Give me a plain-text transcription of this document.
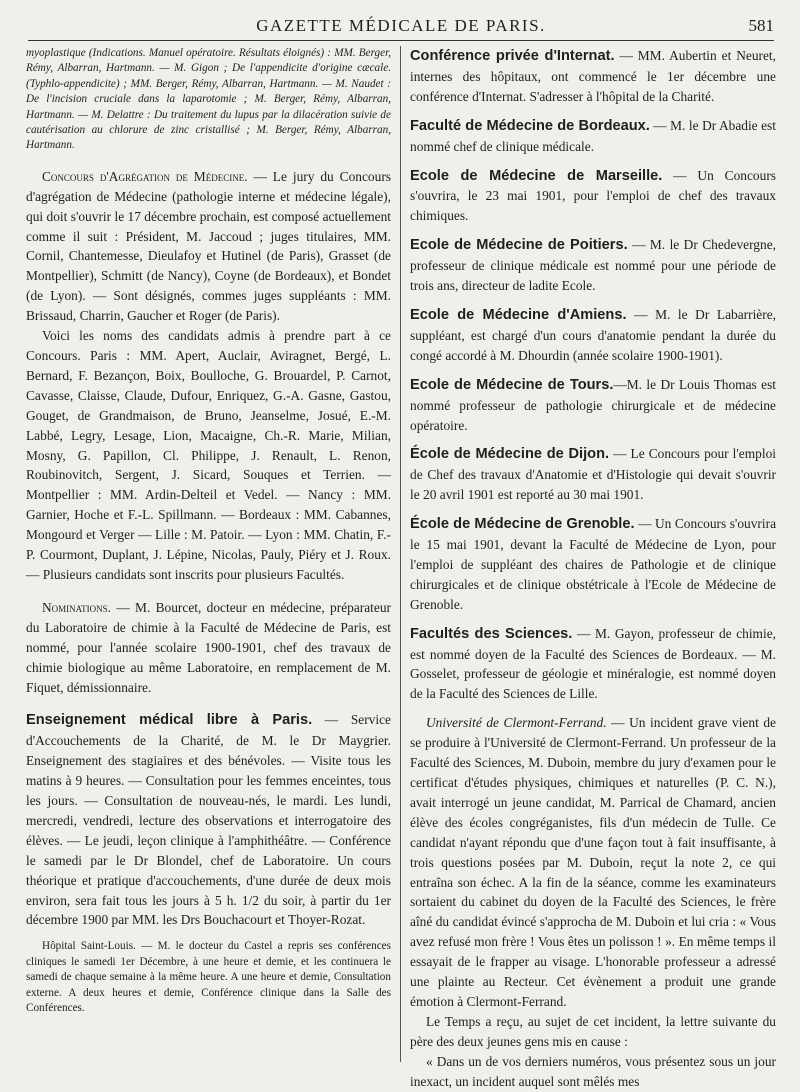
GAZETTE MÉDICALE DE PARIS.	581

myoplastique (Indications. Manuel opératoire. Résultats éloignés) : MM. Berger, Rémy, Albarran, Hartmann. — M. Gigon ; De l'appendicite d'origine cæcale. (Typhlo-appendicite) ; MM. Berger, Rémy, Albarran, Hartmann. — M. Naudet : De l'incision cruciale dans la laparotomie ; M. Berger, Rémy, Albarran, Hartmann. — M. Delattre : Du traitement du lupus par la dilacération suivie de cautérisation au chlorure de zinc cristallisé ; M. Berger, Rémy, Albarran, Hartmann.

Concours d'Agrégation de Médecine. — Le jury du Concours d'agrégation de Médecine (pathologie interne et médecine légale), qui doit s'ouvrir le 17 décembre prochain, est composé actuellement comme il suit : Président, M. Jaccoud ; juges titulaires, MM. Cornil, Chantemesse, Dieulafoy et Hutinel (de Paris), Grasset (de Montpellier), Schmitt (de Nancy), Coyne (de Bordeaux), et Bondet (de Lyon). — Sont désignés, commes juges suppléants : MM. Brissaud, Charrin, Gaucher et Roger (de Paris).

Voici les noms des candidats admis à prendre part à ce Concours. Paris : MM. Apert, Auclair, Aviragnet, Bergé, L. Bernard, F. Bezançon, Boix, Boulloche, G. Brouardel, P. Carnot, Cavasse, Claisse, Claude, Dufour, Enriquez, G.-A. Gasne, Gastou, Gouget, de Grandmaison, de Bruno, Jeanselme, Josué, E.-M. Labbé, Legry, Lesage, Lion, Macaigne, Ch.-R. Marie, Milian, Mosny, G. Papillon, Cl. Philippe, J. Renault, L. Renon, Roubinovitch, Sergent, J. Sicard, Souques et Terrien. — Montpellier : MM. Ardin-Delteil et Vedel. — Nancy : MM. Garnier, Hoche et F.-L. Spillmann. — Bordeaux : MM. Cabannes, Mongourd et Verger — Lille : M. Patoir. — Lyon : MM. Chatin, F.-P. Courmont, Duplant, J. Lépine, Nicolas, Pauly, Piéry et J. Roux. — Plusieurs candidats sont inscrits pour plusieurs Facultés.

Nominations. — M. Bourcet, docteur en médecine, préparateur du Laboratoire de chimie à la Faculté de Médecine de Paris, est nommé, pour l'année scolaire 1900-1901, chef des travaux de chimie biologique au même Laboratoire, en remplacement de M. Fiquet, démissionnaire.

Enseignement médical libre à Paris. — Service d'Accouchements de la Charité, de M. le Dr Maygrier. Enseignement des stagiaires et des bénévoles. — Visite tous les matins à 9 heures. — Consultation pour les femmes enceintes, tous les jours. — Consultation de nouveau-nés, le mardi. Les lundi, mercredi, vendredi, lecture des observations et interrogatoire des élèves. — Le jeudi, leçon clinique à l'amphithéâtre. — Conférence le samedi par le Dr Blondel, chef de Laboratoire. Un cours théorique et pratique d'accouchements, d'une durée de deux mois environ, sera fait tous les jours à 5 h. 1/2 du soir, à partir du 1er décembre 1900 par MM. les Drs Bouchacourt et Thoyer-Rozat.

Hôpital Saint-Louis. — M. le docteur du Castel a repris ses conférences cliniques le samedi 1er Décembre, à une heure et demie, et les continuera le samedi de chaque semaine à la même heure. A une heure et demie, Consultation externe. A deux heures et demie, Conférence clinique dans la Salle des Conférences.

Conférence privée d'Internat. — MM. Aubertin et Neuret, internes des hôpitaux, ont commencé le 1er décembre une conférence d'Internat. S'adresser à l'hôpital de la Charité.

Faculté de Médecine de Bordeaux. — M. le Dr Abadie est nommé chef de clinique médicale.

Ecole de Médecine de Marseille. — Un Concours s'ouvrira, le 23 mai 1901, pour l'emploi de chef des travaux chimiques.

Ecole de Médecine de Poitiers. — M. le Dr Chedevergne, professeur de clinique médicale est nommé pour une période de trois ans, directeur de ladite Ecole.

Ecole de Médecine d'Amiens. — M. le Dr Labarrière, suppléant, est chargé d'un cours d'anatomie pendant la durée du congé accordé à M. Dhourdin (année scolaire 1900-1901).

Ecole de Médecine de Tours.—M. le Dr Louis Thomas est nommé professeur de pathologie chirurgicale et de médecine opératoire.

École de Médecine de Dijon. — Le Concours pour l'emploi de Chef des travaux d'Anatomie et d'Histologie qui devait s'ouvrir le 20 avril 1901 est reporté au 30 mai 1901.

École de Médecine de Grenoble. — Un Concours s'ouvrira le 15 mai 1901, devant la Faculté de Médecine de Lyon, pour l'emploi de suppléant des chaires de Pathologie et de clinique chirurgicales et de clinique obstétricale à l'Ecole de Médecine de Grenoble.

Facultés des Sciences. — M. Gayon, professeur de chimie, est nommé doyen de la Faculté des Sciences de Bordeaux. — M. Gosselet, professeur de géologie et minéralogie, est nommé doyen de la Faculté des Sciences de Lille.

Université de Clermont-Ferrand. — Un incident grave vient de se produire à l'Université de Clermont-Ferrand. Un professeur de la Faculté des Sciences, M. Duboin, membre du jury d'examen pour le certificat d'études physiques, chimiques et naturelles (P. C. N.), avait interrogé un jeune candidat, M. Parrical de Chamard, ancien élève des écoles congréganistes, fils d'un médecin de Tulle. Ce candidat n'ayant répondu que d'une façon tout à fait insuffisante, à trois questions posées par M. Duboin, reçut la note 2, ce qui entraîna son échec. A la fin de la séance, comme les examinateurs sortaient du cabinet du doyen de la Faculté des Sciences, le frère aîné du candidat évincé s'approcha de M. Duboin et lui cria : « Vous avez refusé mon frère ! Vous êtes un polisson ! ». En même temps il essayait de le frapper au visage. L'honorable professeur a adressé une plainte au Recteur. Cet évènement a produit une grande émotion à Clermont-Ferrand.

Le Temps a reçu, au sujet de cet incident, la lettre suivante du père des deux jeunes gens mis en cause :

« Dans un de vos derniers numéros, vous présentez sous un jour inexact, un incident auquel sont mêlés mes
